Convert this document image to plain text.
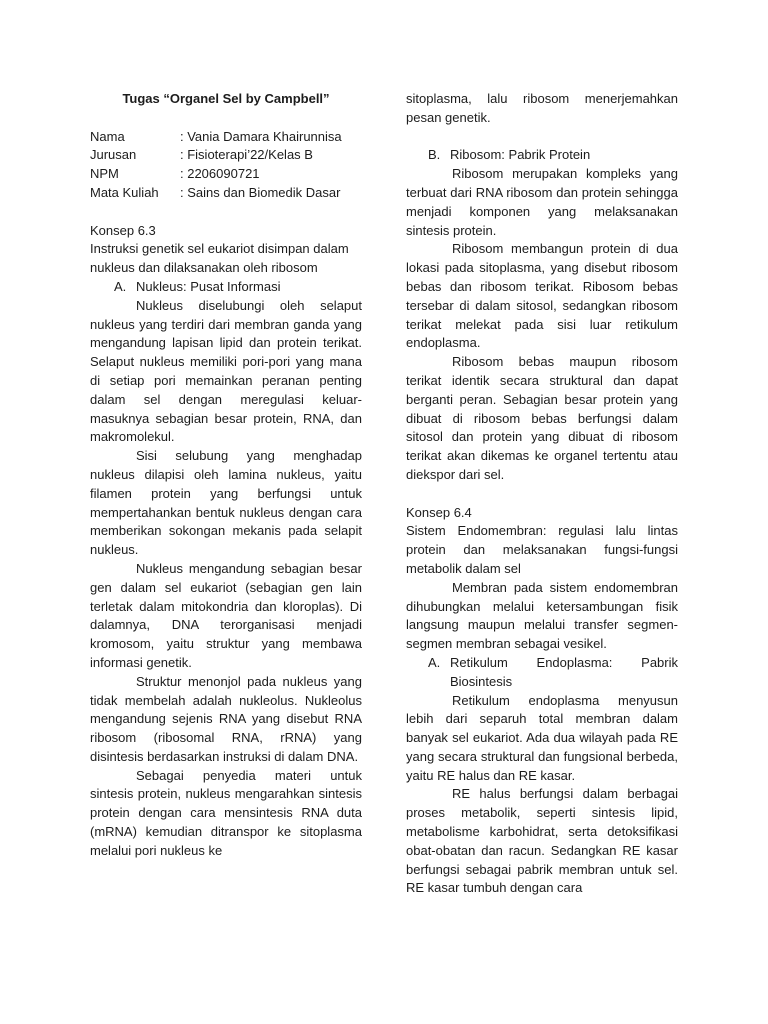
Tugas “Organel Sel by Campbell”

Nama	: Vania Damara Khairunnisa
Jurusan	: Fisioterapi’22/Kelas B
NPM	: 2206090721
Mata Kuliah	: Sains dan Biomedik Dasar

Konsep 6.3

Instruksi genetik sel eukariot disimpan dalam nukleus dan dilaksanakan oleh ribosom

A. Nukleus: Pusat Informasi

Nukleus diselubungi oleh selaput nukleus yang terdiri dari membran ganda yang mengandung lapisan lipid dan protein terikat. Selaput nukleus memiliki pori-pori yang mana di setiap pori memainkan peranan penting dalam sel dengan meregulasi keluar-masuknya sebagian besar protein, RNA, dan makromolekul.

Sisi selubung yang menghadap nukleus dilapisi oleh lamina nukleus, yaitu filamen protein yang berfungsi untuk mempertahankan bentuk nukleus dengan cara memberikan sokongan mekanis pada selapit nukleus.

Nukleus mengandung sebagian besar gen dalam sel eukariot (sebagian gen lain terletak dalam mitokondria dan kloroplas). Di dalamnya, DNA terorganisasi menjadi kromosom, yaitu struktur yang membawa informasi genetik.

Struktur menonjol pada nukleus yang tidak membelah adalah nukleolus. Nukleolus mengandung sejenis RNA yang disebut RNA ribosom (ribosomal RNA, rRNA) yang disintesis berdasarkan instruksi di dalam DNA.

Sebagai penyedia materi untuk sintesis protein, nukleus mengarahkan sintesis protein dengan cara mensintesis RNA duta (mRNA) kemudian ditranspor ke sitoplasma melalui pori nukleus ke

sitoplasma, lalu ribosom menerjemahkan pesan genetik.

B. Ribosom: Pabrik Protein

Ribosom merupakan kompleks yang terbuat dari RNA ribosom dan protein sehingga menjadi komponen yang melaksanakan sintesis protein.

Ribosom membangun protein di dua lokasi pada sitoplasma, yang disebut ribosom bebas dan ribosom terikat. Ribosom bebas tersebar di dalam sitosol, sedangkan ribosom terikat melekat pada sisi luar retikulum endoplasma.

Ribosom bebas maupun ribosom terikat identik secara struktural dan dapat berganti peran. Sebagian besar protein yang dibuat di ribosom bebas berfungsi dalam sitosol dan protein yang dibuat di ribosom terikat akan dikemas ke organel tertentu atau diekspor dari sel.

Konsep 6.4

Sistem Endomembran: regulasi lalu lintas protein dan melaksanakan fungsi-fungsi metabolik dalam sel

Membran pada sistem endomembran dihubungkan melalui ketersambungan fisik langsung maupun melalui transfer segmen-segmen membran sebagai vesikel.

A. Retikulum Endoplasma: Pabrik

Biosintesis

Retikulum endoplasma menyusun lebih dari separuh total membran dalam banyak sel eukariot. Ada dua wilayah pada RE yang secara struktural dan fungsional berbeda, yaitu RE halus dan RE kasar.

RE halus berfungsi dalam berbagai proses metabolik, seperti sintesis lipid, metabolisme karbohidrat, serta detoksifikasi obat-obatan dan racun. Sedangkan RE kasar berfungsi sebagai pabrik membran untuk sel. RE kasar tumbuh dengan cara
